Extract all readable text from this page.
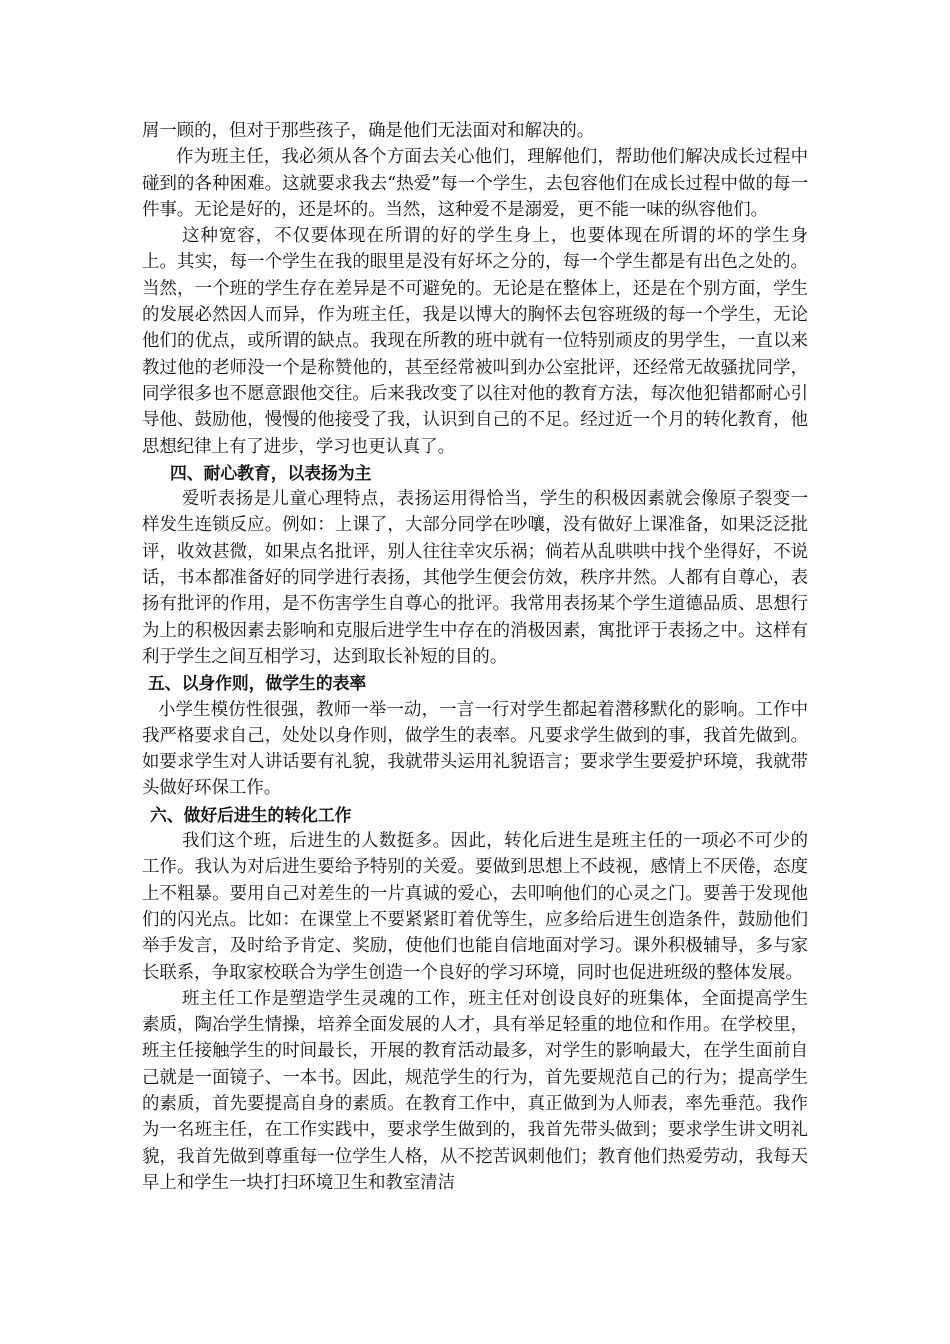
屑一顾的，但对于那些孩子，确是他们无法面对和解决的。

作为班主任，我必须从各个方面去关心他们，理解他们，帮助他们解决成长过程中碰到的各种困难。这就要求我去“热爱”每一个学生，去包容他们在成长过程中做的每一件事。无论是好的，还是坏的。当然，这种爱不是溺爱，更不能一味的纵容他们。

这种宽容，不仅要体现在所谓的好的学生身上，也要体现在所谓的坏的学生身上。其实，每一个学生在我的眼里是没有好坏之分的，每一个学生都是有出色之处的。当然，一个班的学生存在差异是不可避免的。无论是在整体上，还是在个别方面，学生的发展必然因人而异，作为班主任，我是以博大的胸怀去包容班级的每一个学生，无论他们的优点，或所谓的缺点。我现在所教的班中就有一位特别顽皮的男学生，一直以来教过他的老师没一个是称赞他的，甚至经常被叫到办公室批评，还经常无故骚扰同学，同学很多也不愿意跟他交往。后来我改变了以往对他的教育方法，每次他犯错都耐心引导他、鼓励他，慢慢的他接受了我，认识到自己的不足。经过近一个月的转化教育，他思想纪律上有了进步，学习也更认真了。

四、耐心教育，以表扬为主

爱听表扬是儿童心理特点，表扬运用得恰当，学生的积极因素就会像原子裂变一样发生连锁反应。例如：上课了，大部分同学在吵嚷，没有做好上课准备，如果泛泛批评，收效甚微，如果点名批评，别人往往幸灾乐祸；倘若从乱哄哄中找个坐得好，不说话，书本都准备好的同学进行表扬，其他学生便会仿效，秩序井然。人都有自尊心，表扬有批评的作用，是不伤害学生自尊心的批评。我常用表扬某个学生道德品质、思想行为上的积极因素去影响和克服后进学生中存在的消极因素，寓批评于表扬之中。这样有利于学生之间互相学习，达到取长补短的目的。

五、以身作则，做学生的表率

小学生模仿性很强，教师一举一动，一言一行对学生都起着潜移默化的影响。工作中我严格要求自己，处处以身作则，做学生的表率。凡要求学生做到的事，我首先做到。如要求学生对人讲话要有礼貌，我就带头运用礼貌语言；要求学生要爱护环境，我就带头做好环保工作。

六、做好后进生的转化工作

我们这个班，后进生的人数挺多。因此，转化后进生是班主任的一项必不可少的工作。我认为对后进生要给予特别的关爱。要做到思想上不歧视，感情上不厌倦，态度上不粗暴。要用自己对差生的一片真诚的爱心，去叩响他们的心灵之门。要善于发现他们的闪光点。比如：在课堂上不要紧紧盯着优等生，应多给后进生创造条件，鼓励他们举手发言，及时给予肯定、奖励，使他们也能自信地面对学习。课外积极辅导，多与家长联系，争取家校联合为学生创造一个良好的学习环境，同时也促进班级的整体发展。

班主任工作是塑造学生灵魂的工作，班主任对创设良好的班集体，全面提高学生素质，陶冶学生情操，培养全面发展的人才，具有举足轻重的地位和作用。在学校里，班主任接触学生的时间最长，开展的教育活动最多，对学生的影响最大，在学生面前自己就是一面镜子、一本书。因此，规范学生的行为，首先要规范自己的行为；提高学生的素质，首先要提高自身的素质。在教育工作中，真正做到为人师表，率先垂范。我作为一名班主任，在工作实践中，要求学生做到的，我首先带头做到；要求学生讲文明礼貌，我首先做到尊重每一位学生人格，从不挖苦讽刺他们；教育他们热爱劳动，我每天早上和学生一块打扫环境卫生和教室清洁
